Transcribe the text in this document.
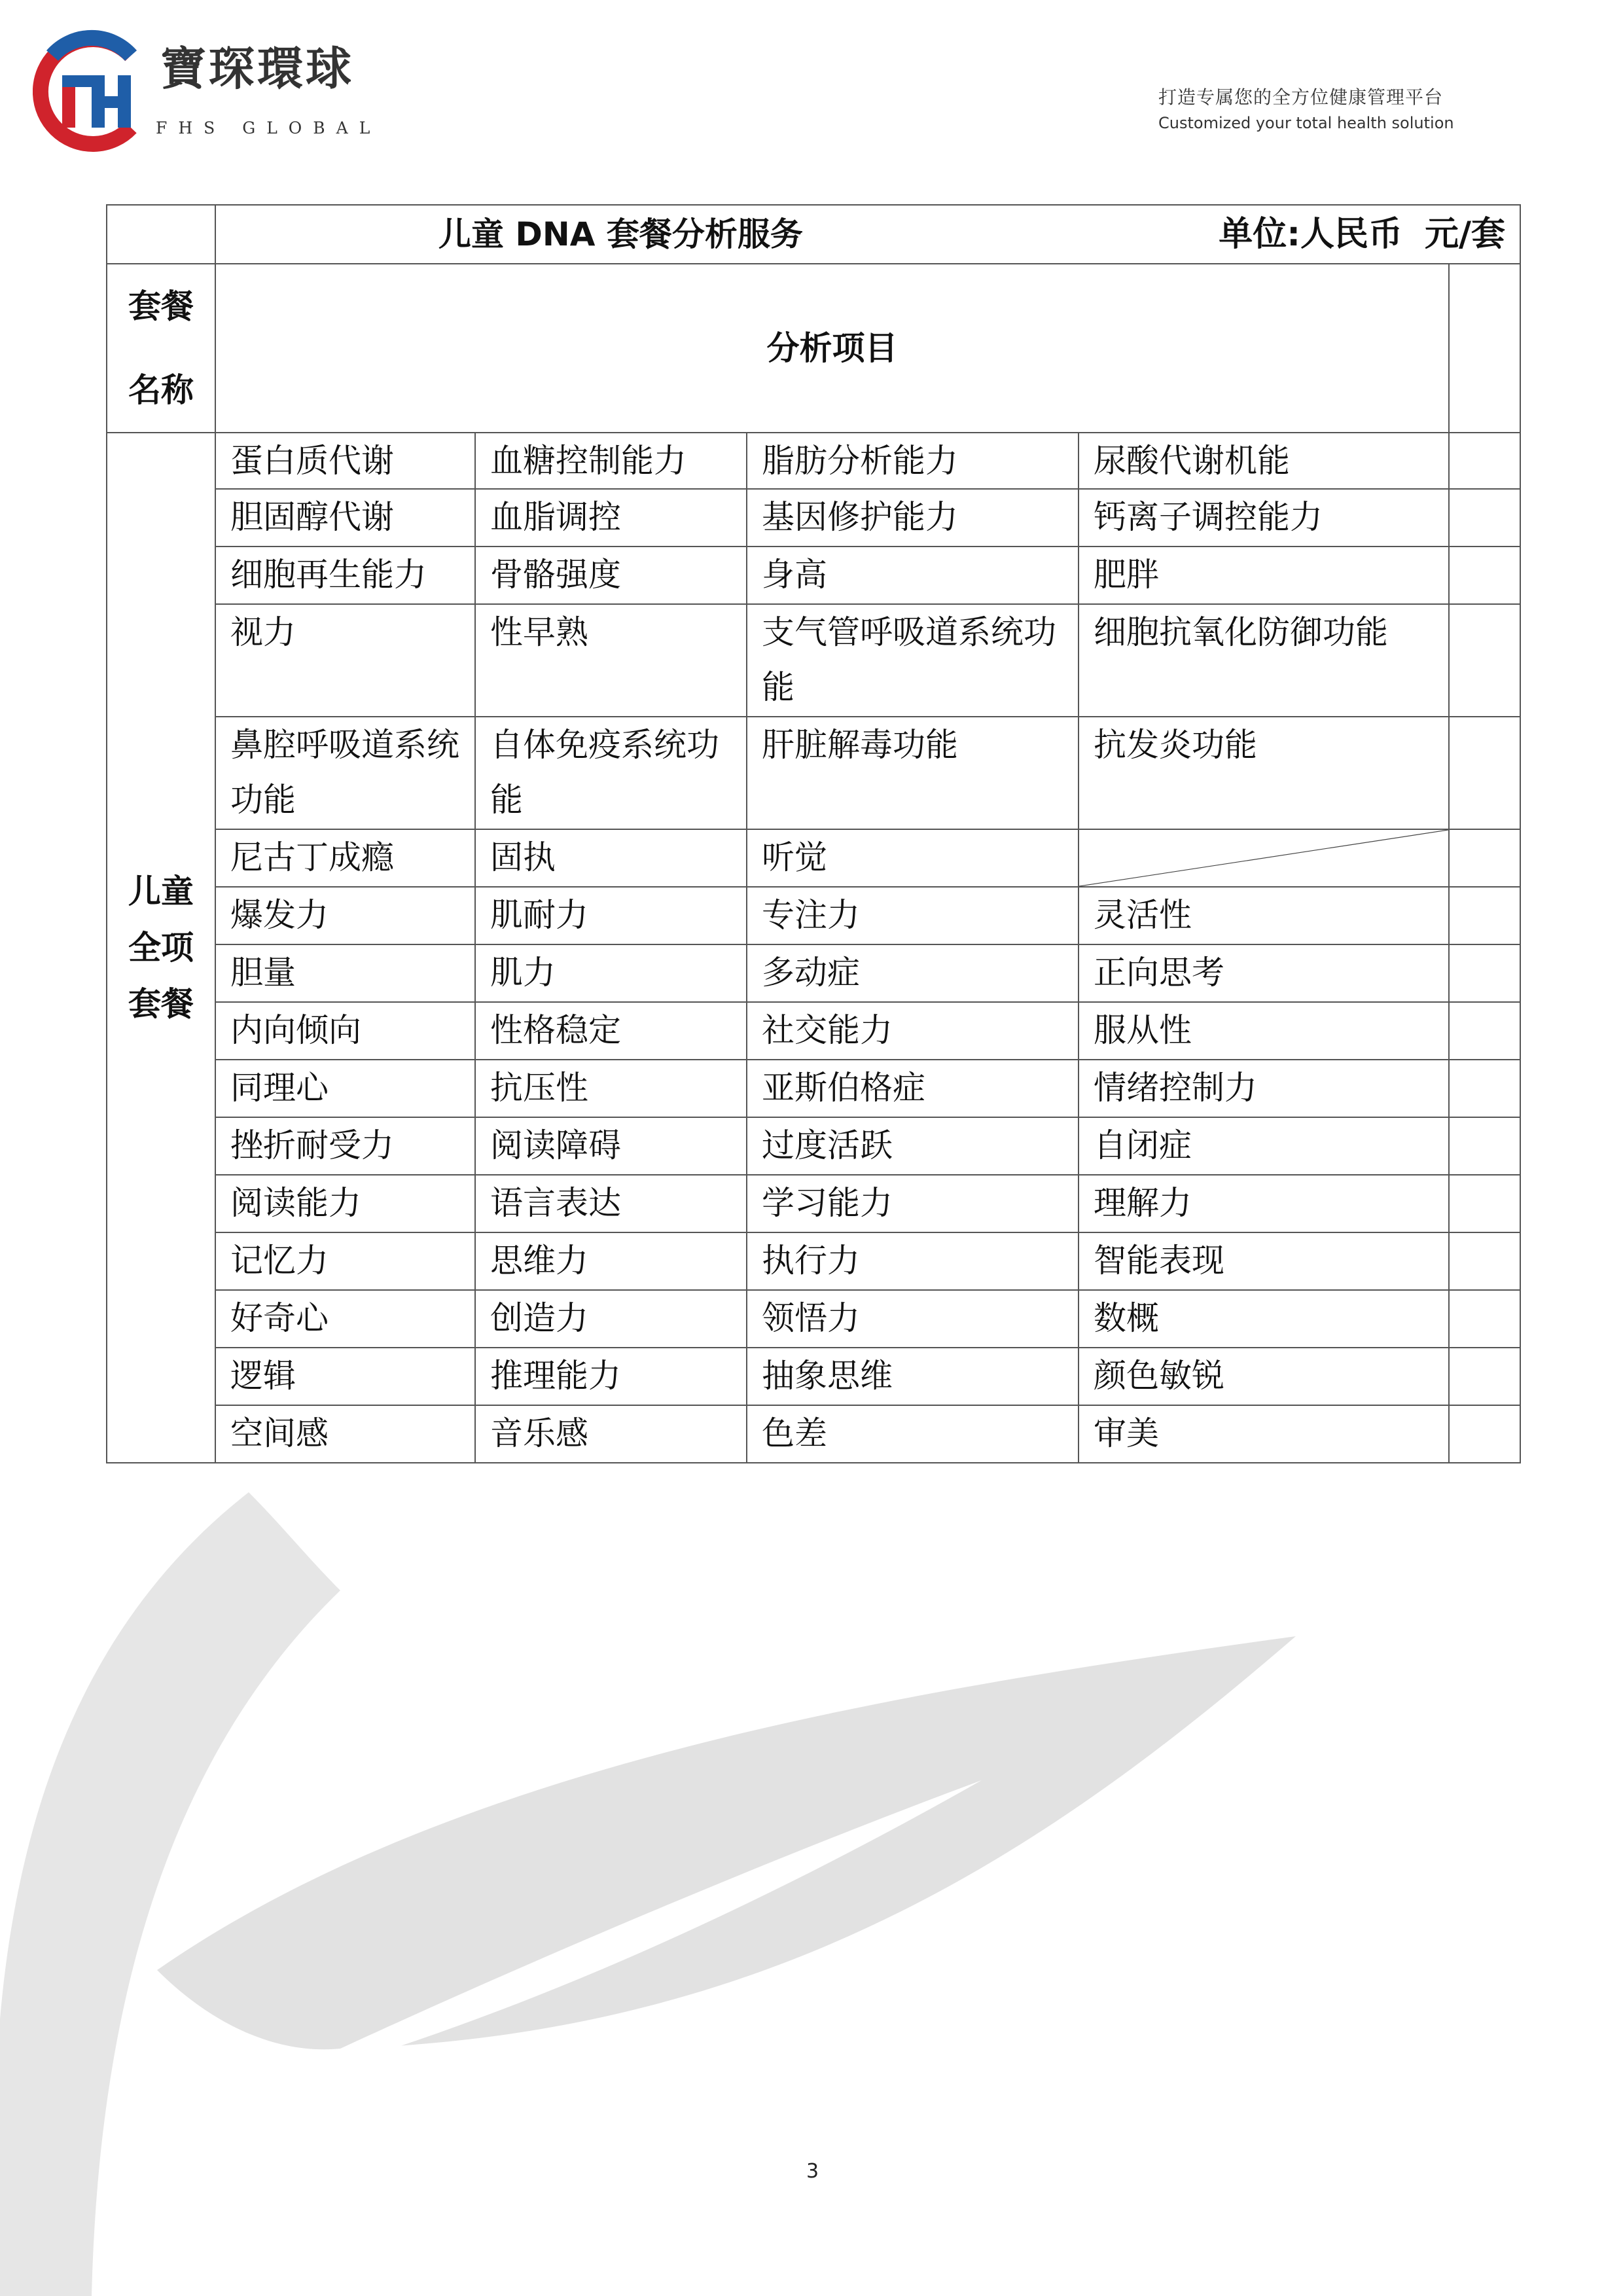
寶琛環球
FHS GLOBAL
打造专属您的全方位健康管理平台
Customized your total health solution
	儿童 DNA 套餐分析服务 单位:人民币 元/套				

套餐
名称	分析项目				

儿童
全项
套餐	蛋白质代谢	血糖控制能力	脂肪分析能力	尿酸代谢机能	
	胆固醇代谢	血脂调控	基因修护能力	钙离子调控能力	
	细胞再生能力	骨骼强度	身高	肥胖	
	视力	性早熟	支气管呼吸道系统功能	细胞抗氧化防御功能	
	鼻腔呼吸道系统功能	自体免疫系统功能	肝脏解毒功能	抗发炎功能	
	尼古丁成瘾	固执	听觉	

	爆发力	肌耐力	专注力	灵活性	
	胆量	肌力	多动症	正向思考	
	内向倾向	性格稳定	社交能力	服从性	
	同理心	抗压性	亚斯伯格症	情绪控制力	
	挫折耐受力	阅读障碍	过度活跃	自闭症	
	阅读能力	语言表达	学习能力	理解力	
	记忆力	思维力	执行力	智能表现	
	好奇心	创造力	领悟力	数概	
	逻辑	推理能力	抽象思维	颜色敏锐	
	空间感	音乐感	色差	审美	
3
